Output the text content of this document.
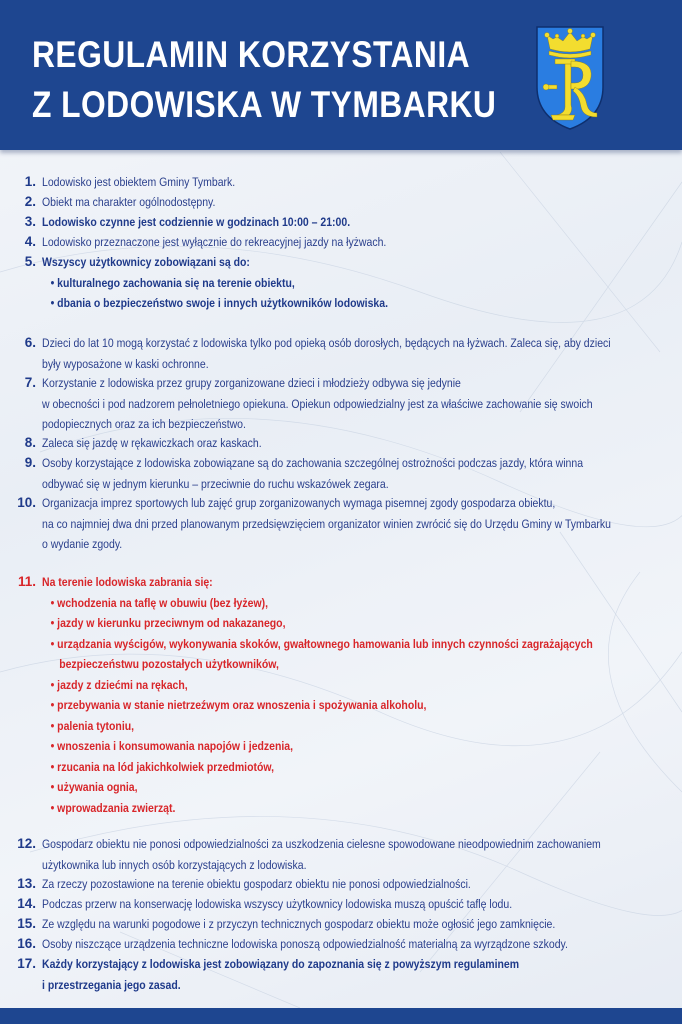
REGULAMIN KORZYSTANIA
Z LODOWISKA W TYMBARKU
1. Lodowisko jest obiektem Gminy Tymbark.
2. Obiekt ma charakter ogólnodostępny.
3. Lodowisko czynne jest codziennie w godzinach 10:00 – 21:00.
4. Lodowisko przeznaczone jest wyłącznie do rekreacyjnej jazdy na łyżwach.
5. Wszyscy użytkownicy zobowiązani są do:
• kulturalnego zachowania się na terenie obiektu,
• dbania o bezpieczeństwo swoje i innych użytkowników lodowiska.
6. Dzieci do lat 10 mogą korzystać z lodowiska tylko pod opieką osób dorosłych, będących na łyżwach. Zaleca się, aby dzieci
były wyposażone w kaski ochronne.
7. Korzystanie z lodowiska przez grupy zorganizowane dzieci i młodzieży odbywa się jedynie
w obecności i pod nadzorem pełnoletniego opiekuna. Opiekun odpowiedzialny jest za właściwe zachowanie się swoich
podopiecznych oraz za ich bezpieczeństwo.
8. Zaleca się jazdę w rękawiczkach oraz kaskach.
9. Osoby korzystające z lodowiska zobowiązane są do zachowania szczególnej ostrożności podczas jazdy, która winna
odbywać się w jednym kierunku – przeciwnie do ruchu wskazówek zegara.
10. Organizacja imprez sportowych lub zajęć grup zorganizowanych wymaga pisemnej zgody gospodarza obiektu,
na co najmniej dwa dni przed planowanym przedsięwzięciem organizator winien zwrócić się do Urzędu Gminy w Tymbarku
o wydanie zgody.
11. Na terenie lodowiska zabrania się:
• wchodzenia na taflę w obuwiu (bez łyżew),
• jazdy w kierunku przeciwnym od nakazanego,
• urządzania wyścigów, wykonywania skoków, gwałtownego hamowania lub innych czynności zagrażających
bezpieczeństwu pozostałych użytkowników,
• jazdy z dziećmi na rękach,
• przebywania w stanie nietrzeźwym oraz wnoszenia i spożywania alkoholu,
• palenia tytoniu,
• wnoszenia i konsumowania napojów i jedzenia,
• rzucania na lód jakichkolwiek przedmiotów,
• używania ognia,
• wprowadzania zwierząt.
12. Gospodarz obiektu nie ponosi odpowiedzialności za uszkodzenia cielesne spowodowane nieodpowiednim zachowaniem
użytkownika lub innych osób korzystających z lodowiska.
13. Za rzeczy pozostawione na terenie obiektu gospodarz obiektu nie ponosi odpowiedzialności.
14. Podczas przerw na konserwację lodowiska wszyscy użytkownicy lodowiska muszą opuścić taflę lodu.
15. Ze względu na warunki pogodowe i z przyczyn technicznych gospodarz obiektu może ogłosić jego zamknięcie.
16. Osoby niszczące urządzenia techniczne lodowiska ponoszą odpowiedzialność materialną za wyrządzone szkody.
17. Każdy korzystający z lodowiska jest zobowiązany do zapoznania się z powyższym regulaminem
i przestrzegania jego zasad.
